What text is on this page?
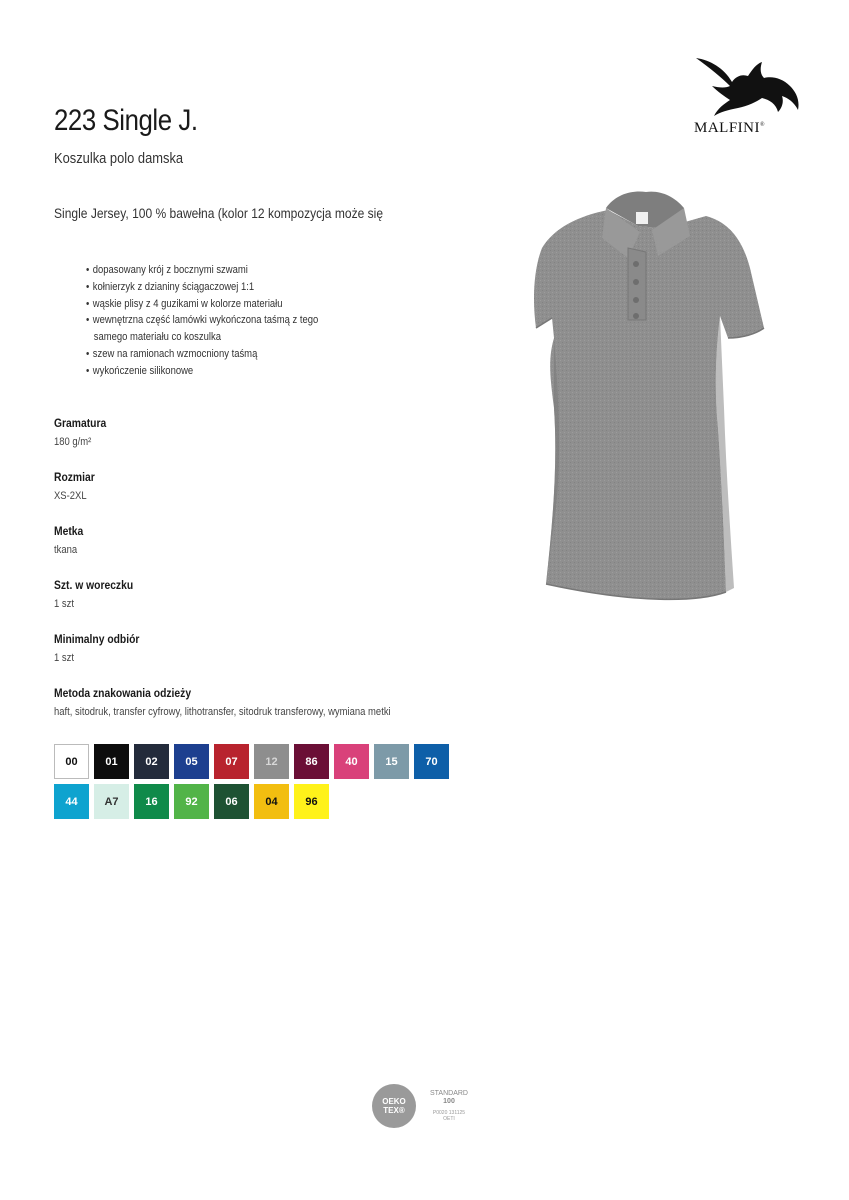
223 Single J.
Koszulka polo damska
Single Jersey, 100 % bawełna (kolor 12 kompozycja może się
MALFINI®
• dopasowany krój z bocznymi szwami
• kołnierzyk z dzianiny ściągaczowej 1:1
• wąskie plisy z 4 guzikami w kolorze materiału
• wewnętrzna część lamówki wykończona taśmą z tego
samego materiału co koszulka
• szew na ramionach wzmocniony taśmą
• wykończenie silikonowe
Gramatura
180 g/m²
Rozmiar
XS-2XL
Metka
tkana
Szt. w woreczku
1 szt
Minimalny odbiór
1 szt
Metoda znakowania odzieży
haft, sitodruk, transfer cyfrowy, lithotransfer, sitodruk transferowy, wymiana metki
00	01	02	05	07	12	86	40	15	70
44	A7	16	92	06	04	96
OEKO
TEX®
STANDARD
100
P0020 131125
OETI
